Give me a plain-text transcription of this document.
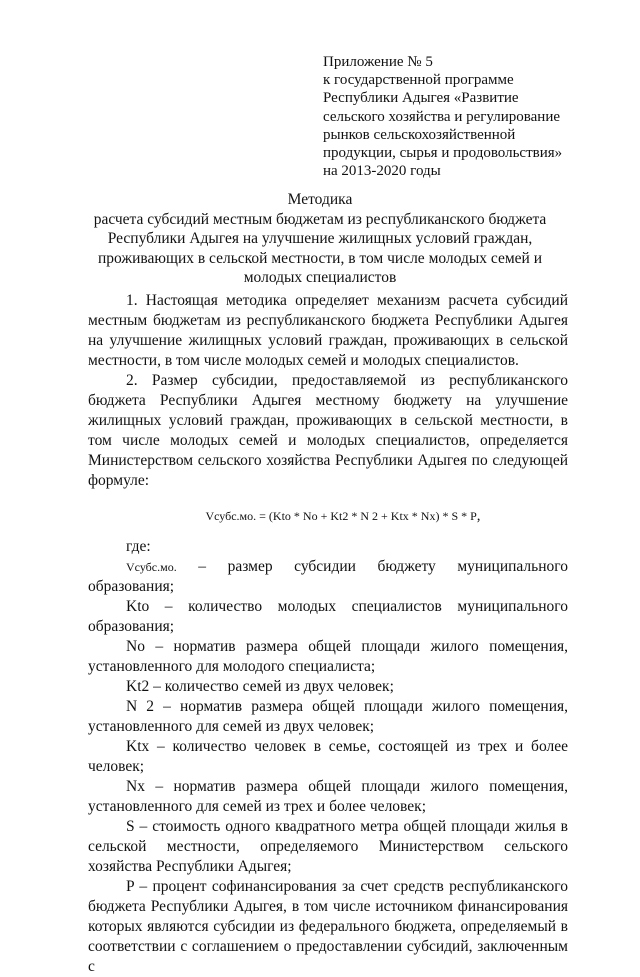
Приложение № 5
к государственной программе
Республики Адыгея «Развитие
сельского хозяйства и регулирование
рынков сельскохозяйственной
продукции, сырья и продовольствия»
на 2013-2020 годы
Методика
расчета субсидий местным бюджетам из республиканского бюджета
Республики Адыгея на улучшение жилищных условий граждан,
проживающих в сельской местности, в том числе молодых семей и
молодых специалистов

1. Настоящая методика определяет механизм расчета субсидий местным бюджетам из республиканского бюджета Республики Адыгея на улучшение жилищных условий граждан, проживающих в сельской местности, в том числе молодых семей и молодых специалистов.

2. Размер субсидии, предоставляемой из республиканского бюджета Республики Адыгея местному бюджету на улучшение жилищных условий граждан, проживающих в сельской местности, в том числе молодых семей и молодых специалистов, определяется Министерством сельского хозяйства Республики Адыгея по следующей формуле:

Vсубс.мо. = (Kto * No + Kt2 * N 2 + Ktx * Nx) * S * P,

где:

Vсубс.мо. – размер субсидии бюджету муниципального образования;

Kto – количество молодых специалистов муниципального образования;

No – норматив размера общей площади жилого помещения, установленного для молодого специалиста;

Kt2 – количество семей из двух человек;

N 2 – норматив размера общей площади жилого помещения, установленного для семей из двух человек;

Ktx – количество человек в семье, состоящей из трех и более человек;

Nx – норматив размера общей площади жилого помещения, установленного для семей из трех и более человек;

S – стоимость одного квадратного метра общей площади жилья в сельской местности, определяемого Министерством сельского хозяйства Республики Адыгея;

P – процент софинансирования за счет средств республиканского бюджета Республики Адыгея, в том числе источником финансирования которых являются субсидии из федерального бюджета, определяемый в соответствии с соглашением о предоставлении субсидий, заключенным с
